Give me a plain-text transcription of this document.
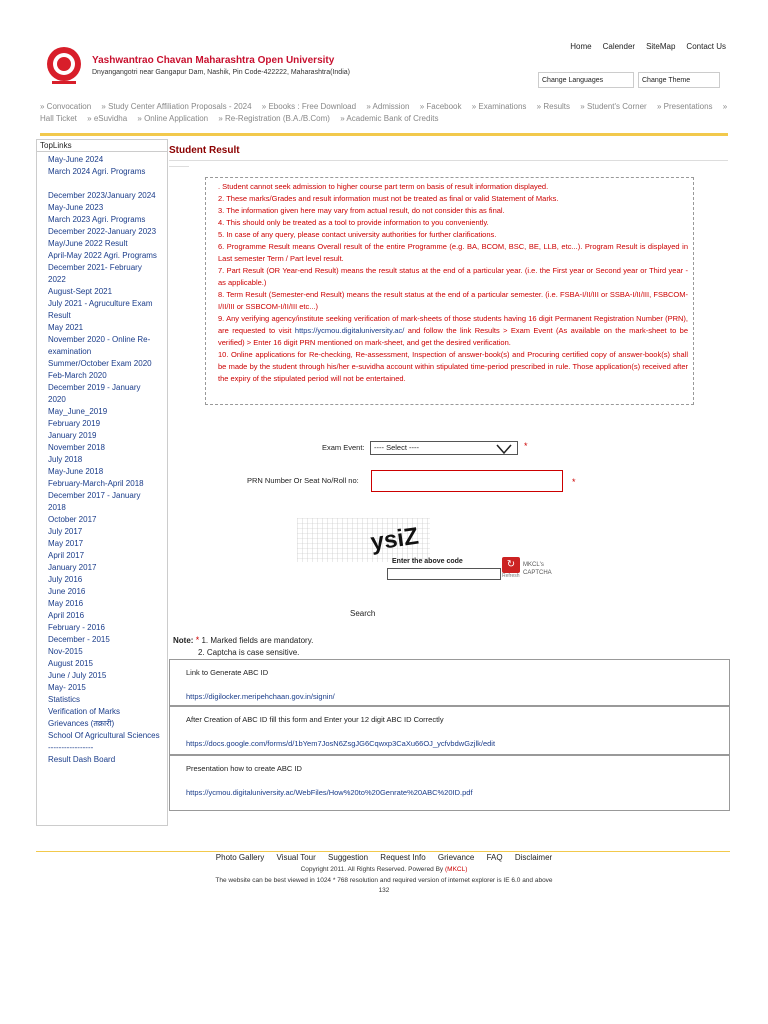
Yashwantrao Chavan Maharashtra Open University
Dnyangangotri near Gangapur Dam, Nashik, Pin Code-422222, Maharashtra(India)
Home Calender SiteMap Contact Us
Change Languages	Change Theme
» Convocation » Study Center Affiliation Proposals - 2024 » Ebooks : Free Download » Admission » Facebook » Examinations » Results » Student's Corner » Presentations » Hall Ticket » eSuvidha » Online Application » Re-Registration (B.A./B.Com) » Academic Bank of Credits
TopLinks
May-June 2024
March 2024 Agri. Programs
December 2023/January 2024
May-June 2023
March 2023 Agri. Programs
December 2022-January 2023
May/June 2022 Result
April-May 2022 Agri. Programs
December 2021- February 2022
August-Sept 2021
July 2021 - Agruculture Exam Result
May 2021
November 2020 - Online Re-examination
Summer/October Exam 2020
Feb-March 2020
December 2019 - January 2020
May_June_2019
February 2019
January 2019
November 2018
July 2018
May-June 2018
February-March-April 2018
December 2017 - January 2018
October 2017
July 2017
May 2017
April 2017
January 2017
July 2016
June 2016
May 2016
April 2016
February - 2016
December - 2015
Nov-2015
August 2015
June / July 2015
May- 2015
Statistics
Verification of Marks
Grievances (तक्रारी)
School Of Agricultural Sciences
-----------------
Result Dash Board
Student Result

. Student cannot seek admission to higher course part term on basis of result information displayed.

2. These marks/Grades and result information must not be treated as final or valid Statement of Marks.

3. The information given here may vary from actual result, do not consider this as final.

4. This should only be treated as a tool to provide information to you conveniently.

5. In case of any query, please contact university authorities for further clarifications.

6. Programme Result means Overall result of the entire Programme (e.g. BA, BCOM, BSC, BE, LLB, etc...). Program Result is displayed in Last semester Term / Part level result.

7. Part Result (OR Year-end Result) means the result status at the end of a particular year. (i.e. the First year or Second year or Third year - as applicable.)

8. Term Result (Semester-end Result) means the result status at the end of a particular semester. (i.e. FSBA-I/II/III or SSBA-I/II/III, FSBCOM-I/II/III or SSBCOM-I/II/III etc...)

9. Any verifying agency/institute seeking verification of mark-sheets of those students having 16 digit Permanent Registration Number (PRN), are requested to visit https://ycmou.digitaluniversity.ac/ and follow the link Results > Exam Event (As available on the mark-sheet to be verified) > Enter 16 digit PRN mentioned on mark-sheet, and get the desired verification.

10. Online applications for Re-checking, Re-assessment, Inspection of answer-book(s) and Procuring certified copy of answer-book(s) shall be made by the student through his/her e-suvidha account within stipulated time-period prescribed in rule. Those application(s) received after the expiry of the stipulated period will not be entertained.

Exam Event:	---- Select ----	*
PRN Number Or Seat No/Roll no:	*
ysiZ
Enter the above code	↻	MKCL's CAPTCHA
Refresh
Search
Note: * 1. Marked fields are mandatory.
2. Captcha is case sensitive.
Link to Generate ABC ID
https://digilocker.meripehchaan.gov.in/signin/
After Creation of ABC ID fill this form and Enter your 12 digit ABC ID Correctly
https://docs.google.com/forms/d/1bYem7JosN6ZsgJG6Cqwxp3CaXu66OJ_ycfvbdwGzjlk/edit
Presentation how to create ABC ID
https://ycmou.digitaluniversity.ac/WebFiles/How%20to%20Genrate%20ABC%20ID.pdf
Photo Gallery Visual Tour Suggestion Request Info Grievance FAQ Disclaimer
Copyright 2011. All Rights Reserved. Powered By (MKCL)
The website can be best viewed in 1024 * 768 resolution and required version of internet explorer is IE 6.0 and above
132
